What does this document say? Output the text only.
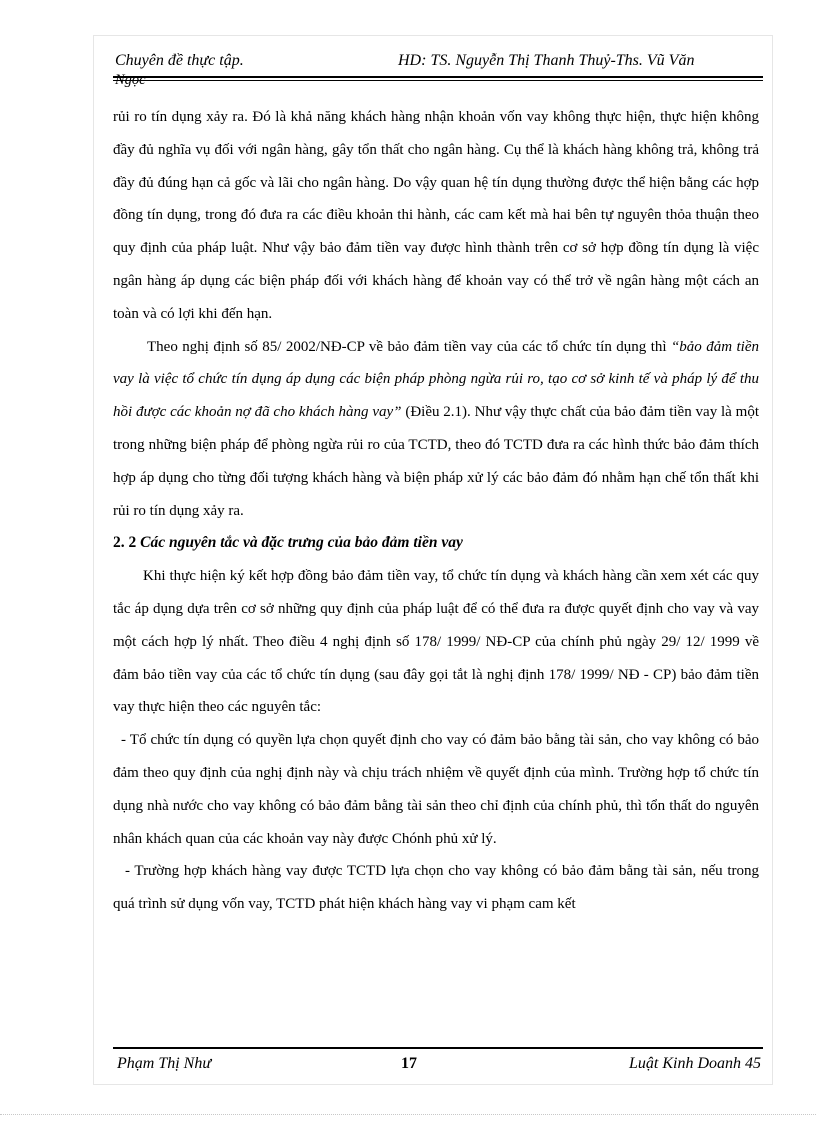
Chuyên đề thực tập.	HD: TS. Nguyễn Thị Thanh Thuỷ-Ths. Vũ Văn
Ngọc

rủi ro tín dụng xảy ra. Đó là khả năng khách hàng nhận khoản vốn vay không thực hiện, thực hiện không đầy đủ nghĩa vụ đối với ngân hàng, gây tổn thất cho ngân hàng. Cụ thể là khách hàng không trả, không trả đầy đủ đúng hạn cả gốc và lãi cho ngân hàng. Do vậy quan hệ tín dụng thường được thể hiện bằng các hợp đồng tín dụng, trong đó đưa ra các điều khoản thi hành, các cam kết mà hai bên tự nguyên thỏa thuận theo quy định của pháp luật. Như vậy bảo đảm tiền vay được hình thành trên cơ sở hợp đồng tín dụng là việc ngân hàng áp dụng các biện pháp đối với khách hàng để khoản vay có thể trở về ngân hàng một cách an toàn và có lợi khi đến hạn.

Theo nghị định số 85/ 2002/NĐ-CP về bảo đảm tiền vay của các tổ chức tín dụng thì “bảo đảm tiền vay là việc tổ chức tín dụng áp dụng các biện pháp phòng ngừa rủi ro, tạo cơ sở kinh tế và pháp lý để thu hồi được các khoản nợ đã cho khách hàng vay” (Điều 2.1). Như vậy thực chất của bảo đảm tiền vay là một trong những biện pháp để phòng ngừa rủi ro của TCTD, theo đó TCTD đưa ra các hình thức bảo đảm thích hợp áp dụng cho từng đối tượng khách hàng và biện pháp xử lý các bảo đảm đó nhằm hạn chế tổn thất khi rủi ro tín dụng xảy ra.

2. 2 Các nguyên tắc và đặc trưng của bảo đảm tiền vay

Khi thực hiện ký kết hợp đồng bảo đảm tiền vay, tổ chức tín dụng và khách hàng cần xem xét các quy tắc áp dụng dựa trên cơ sở những quy định của pháp luật để có thể đưa ra được quyết định cho vay và vay một cách hợp lý nhất. Theo điều 4 nghị định số 178/ 1999/ NĐ-CP của chính phủ ngày 29/ 12/ 1999 về đảm bảo tiền vay của các tổ chức tín dụng (sau đây gọi tắt là nghị định 178/ 1999/ NĐ - CP) bảo đảm tiền vay thực hiện theo các nguyên tắc:

- Tổ chức tín dụng có quyền lựa chọn quyết định cho vay có đảm bảo bằng tài sản, cho vay không có bảo đảm theo quy định của nghị định này và chịu trách nhiệm về quyết định của mình. Trường hợp tổ chức tín dụng nhà nước cho vay không có bảo đảm bằng tài sản theo chỉ định của chính phủ, thì tổn thất do nguyên nhân khách quan của các khoản vay này được Chónh phủ xử lý.

- Trường hợp khách hàng vay được TCTD lựa chọn cho vay không có bảo đảm bằng tài sản, nếu trong quá trình sử dụng vốn vay, TCTD phát hiện khách hàng vay vi phạm cam kết

Phạm Thị Như	17	Luật Kinh Doanh 45
